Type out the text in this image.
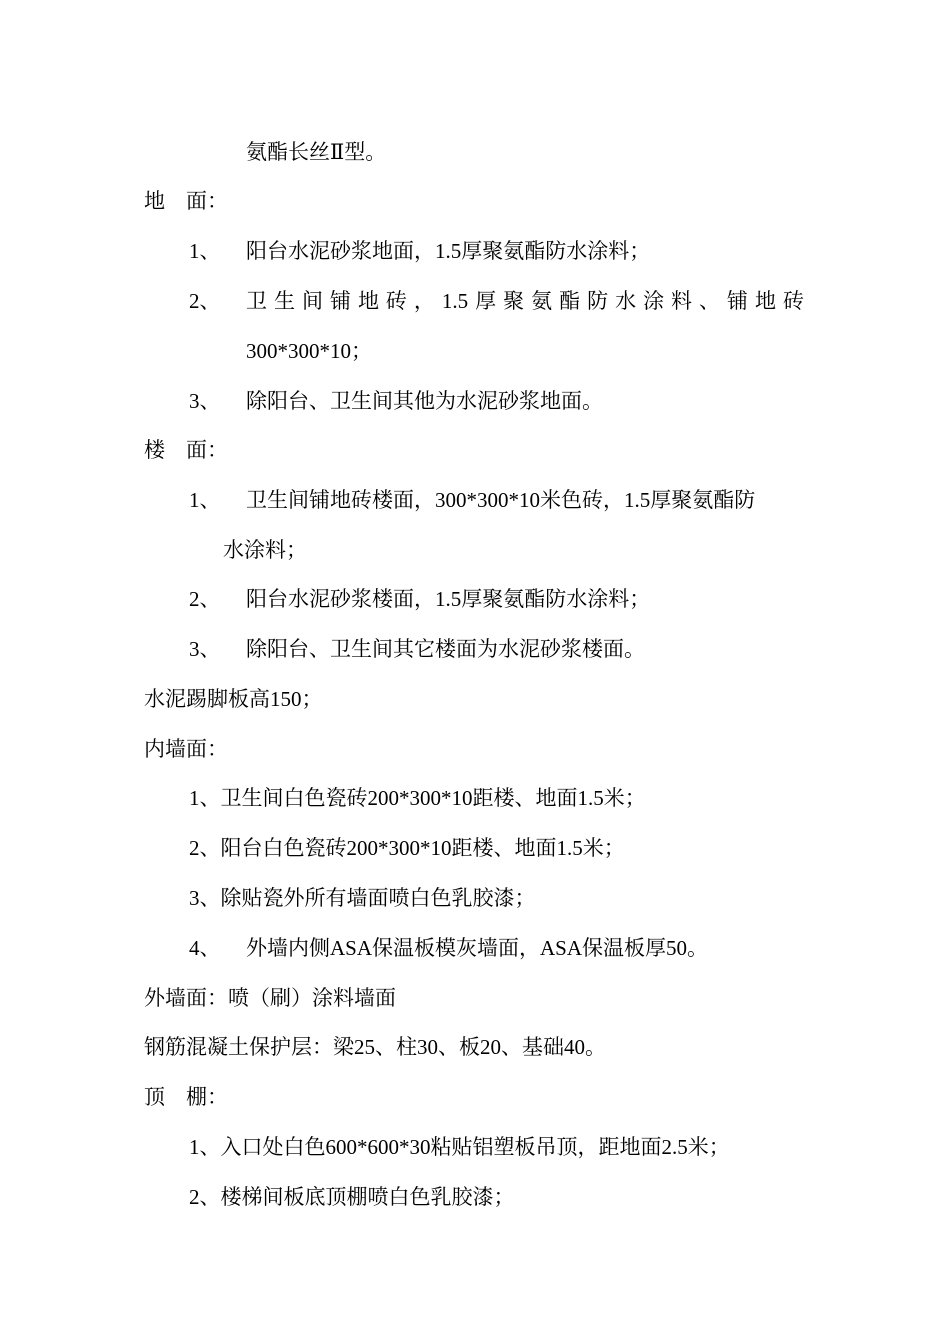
氨酯长丝Ⅱ型。
地　面：
1、 阳台水泥砂浆地面，1.5厚聚氨酯防水涂料；
2、 卫生间铺地砖，1.5厚聚氨酯防水涂料、铺地砖
300*300*10；
3、 除阳台、卫生间其他为水泥砂浆地面。
楼　面：
1、 卫生间铺地砖楼面，300*300*10米色砖，1.5厚聚氨酯防
水涂料；
2、 阳台水泥砂浆楼面，1.5厚聚氨酯防水涂料；
3、 除阳台、卫生间其它楼面为水泥砂浆楼面。
水泥踢脚板高150；
内墙面：
1、卫生间白色瓷砖200*300*10距楼、地面1.5米；
2、阳台白色瓷砖200*300*10距楼、地面1.5米；
3、除贴瓷外所有墙面喷白色乳胶漆；
4、 外墙内侧ASA保温板模灰墙面，ASA保温板厚50。
外墙面：喷（刷）涂料墙面
钢筋混凝土保护层：梁25、柱30、板20、基础40。
顶　棚：
1、入口处白色600*600*30粘贴铝塑板吊顶，距地面2.5米；
2、楼梯间板底顶棚喷白色乳胶漆；
